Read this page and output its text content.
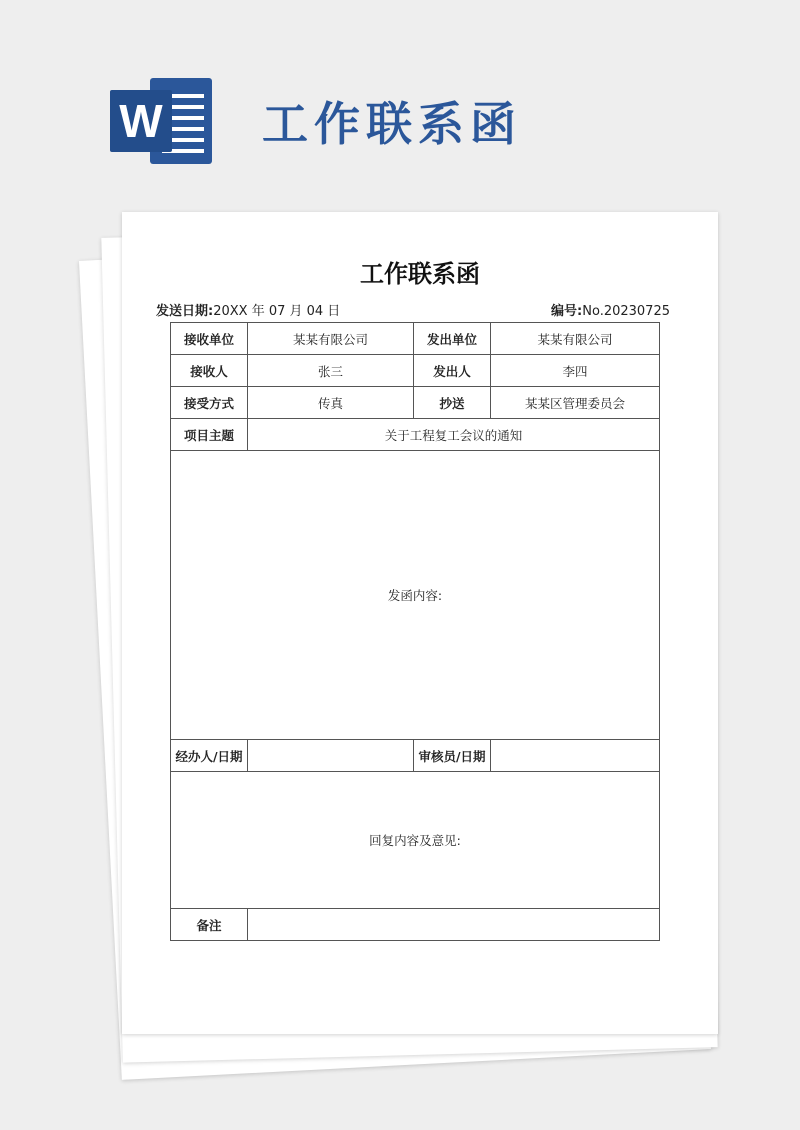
W 工作联系函
工作联系函
发送日期:20XX 年 07 月 04 日	编号:No.20230725
接收单位	某某有限公司	发出单位	某某有限公司
接收人	张三	发出人	李四
接受方式	传真	抄送	某某区管理委员会
项目主题	关于工程复工会议的通知		
发函内容:			
经办人/日期		审核员/日期	
回复内容及意见:			
备注			
